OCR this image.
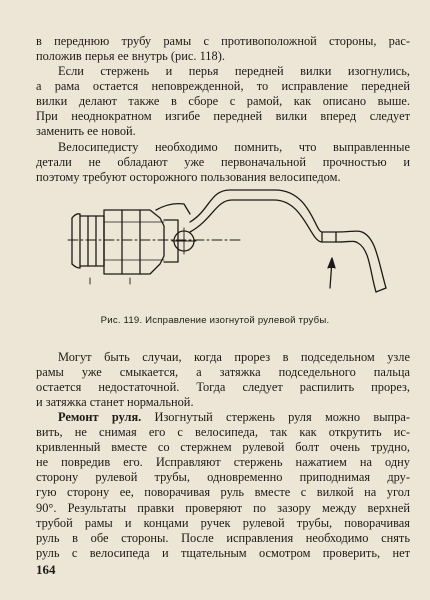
в переднюю трубу рамы с противоположной стороны, рас-
положив перья ее внутрь (рис. 118).

Если стержень и перья передней вилки изогнулись,
а рама остается неповрежденной, то исправление передней
вилки делают также в сборе с рамой, как описано выше.
При неоднократном изгибе передней вилки вперед следует
заменить ее новой.

Велосипедисту необходимо помнить, что выправленные
детали не обладают уже первоначальной прочностью и
поэтому требуют осторожного пользования велосипедом.

Рис. 119. Исправление изогнутой рулевой трубы.

Могут быть случаи, когда прорез в подседельном узле
рамы уже смыкается, а затяжка подседельного пальца
остается недостаточной. Тогда следует распилить прорез,
и затяжка станет нормальной.

Ремонт руля. Изогнутый стержень руля можно выпра-
вить, не снимая его с велосипеда, так как открутить ис-
кривленный вместе со стержнем рулевой болт очень трудно,
не повредив его. Исправляют стержень нажатием на одну
сторону рулевой трубы, одновременно приподнимая дру-
гую сторону ее, поворачивая руль вместе с вилкой на угол
90°. Результаты правки проверяют по зазору между верхней
трубой рамы и концами ручек рулевой трубы, поворачивая
руль в обе стороны. После исправления необходимо снять
руль с велосипеда и тщательным осмотром проверить, нет

164
